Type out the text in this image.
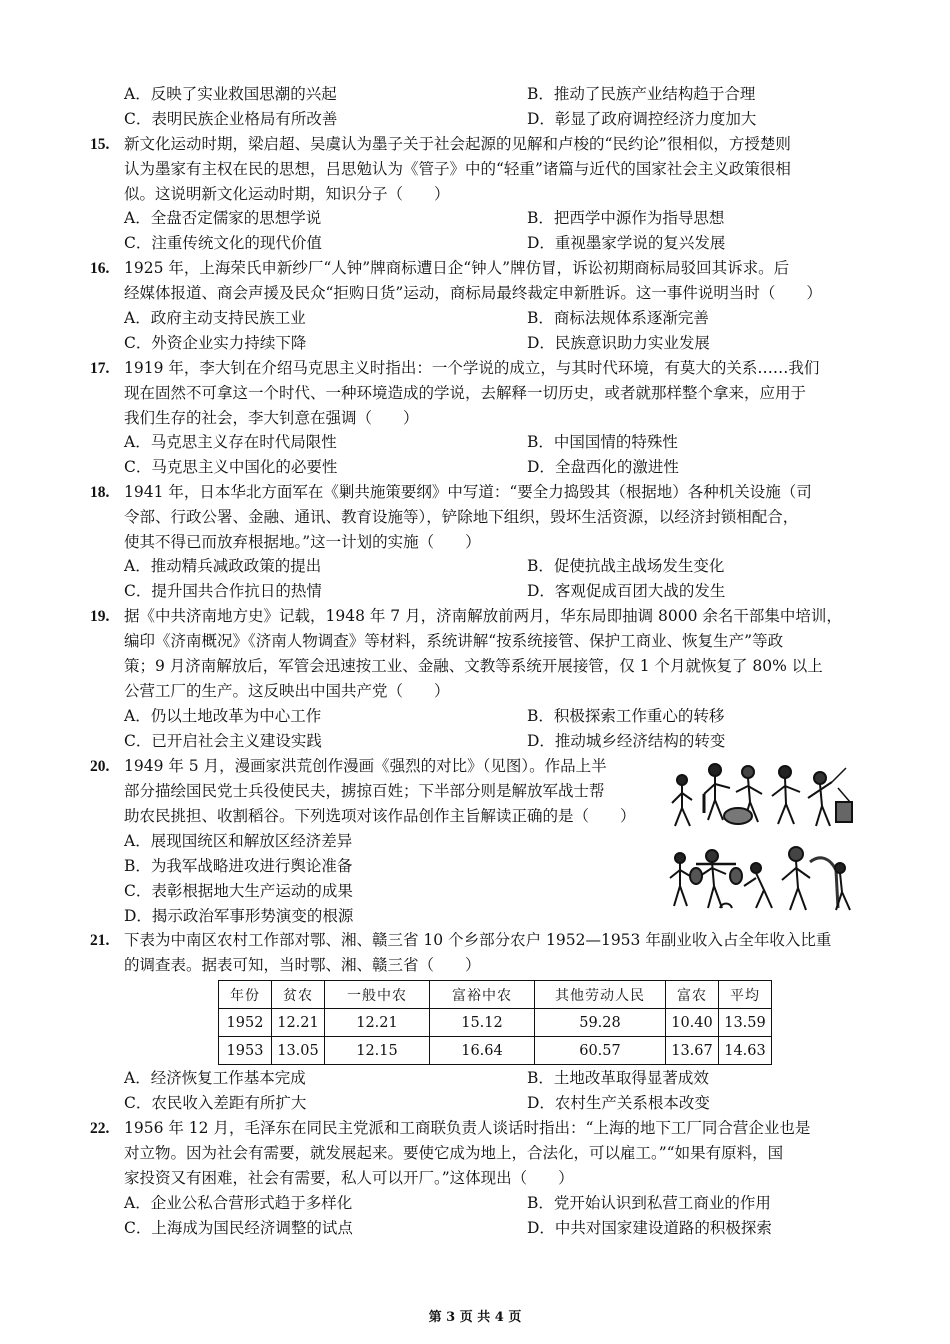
A．反映了实业救国思潮的兴起	B．推动了民族产业结构趋于合理
C．表明民族企业格局有所改善	D．彰显了政府调控经济力度加大
15. 新文化运动时期，梁启超、吴虞认为墨子关于社会起源的见解和卢梭的“民约论”很相似，方授楚则
认为墨家有主权在民的思想，吕思勉认为《管子》中的“轻重”诸篇与近代的国家社会主义政策很相
似。这说明新文化运动时期，知识分子（　　）
A．全盘否定儒家的思想学说	B．把西学中源作为指导思想
C．注重传统文化的现代价值	D．重视墨家学说的复兴发展
16. 1925 年，上海荣氏申新纱厂“人钟”牌商标遭日企“钟人”牌仿冒，诉讼初期商标局驳回其诉求。后
经媒体报道、商会声援及民众“拒购日货”运动，商标局最终裁定申新胜诉。这一事件说明当时（　　）
A．政府主动支持民族工业	B．商标法规体系逐渐完善
C．外资企业实力持续下降	D．民族意识助力实业发展
17. 1919 年，李大钊在介绍马克思主义时指出：一个学说的成立，与其时代环境，有莫大的关系……我们
现在固然不可拿这一个时代、一种环境造成的学说，去解释一切历史，或者就那样整个拿来，应用于
我们生存的社会，李大钊意在强调（　　）
A．马克思主义存在时代局限性	B．中国国情的特殊性
C．马克思主义中国化的必要性	D．全盘西化的激进性
18. 1941 年，日本华北方面军在《剿共施策要纲》中写道：“要全力捣毁其（根据地）各种机关设施（司
令部、行政公署、金融、通讯、教育设施等），铲除地下组织，毁坏生活资源，以经济封锁相配合，
使其不得已而放弃根据地。”这一计划的实施（　　）
A．推动精兵减政政策的提出	B．促使抗战主战场发生变化
C．提升国共合作抗日的热情	D．客观促成百团大战的发生
19. 据《中共济南地方史》记载，1948 年 7 月，济南解放前两月，华东局即抽调 8000 余名干部集中培训，
编印《济南概况》《济南人物调查》等材料，系统讲解“按系统接管、保护工商业、恢复生产”等政
策；9 月济南解放后，军管会迅速按工业、金融、文教等系统开展接管，仅 1 个月就恢复了 80% 以上
公营工厂的生产。这反映出中国共产党（　　）
A．仍以土地改革为中心工作	B．积极探索工作重心的转移
C．已开启社会主义建设实践	D．推动城乡经济结构的转变
20. 1949 年 5 月，漫画家洪荒创作漫画《强烈的对比》（见图）。作品上半
部分描绘国民党士兵役使民夫，掳掠百姓；下半部分则是解放军战士帮
助农民挑担、收割稻谷。下列选项对该作品创作主旨解读正确的是（　　）
A．展现国统区和解放区经济差异
B．为我军战略进攻进行舆论准备
C．表彰根据地大生产运动的成果
D．揭示政治军事形势演变的根源
21. 下表为中南区农村工作部对鄂、湘、赣三省 10 个乡部分农户 1952—1953 年副业收入占全年收入比重
的调查表。据表可知，当时鄂、湘、赣三省（　　）
年份	贫农	一般中农	富裕中农	其他劳动人民	富农	平均
1952	12.21	12.21	15.12	59.28	10.40	13.59
1953	13.05	12.15	16.64	60.57	13.67	14.63
A．经济恢复工作基本完成	B．土地改革取得显著成效
C．农民收入差距有所扩大	D．农村生产关系根本改变
22. 1956 年 12 月，毛泽东在同民主党派和工商联负责人谈话时指出：“上海的地下工厂同合营企业也是
对立物。因为社会有需要，就发展起来。要使它成为地上，合法化，可以雇工。”“如果有原料，国
家投资又有困难，社会有需要，私人可以开厂。”这体现出（　　）
A．企业公私合营形式趋于多样化	B．党开始认识到私营工商业的作用
C．上海成为国民经济调整的试点	D．中共对国家建设道路的积极探索
第 3 页 共 4 页
